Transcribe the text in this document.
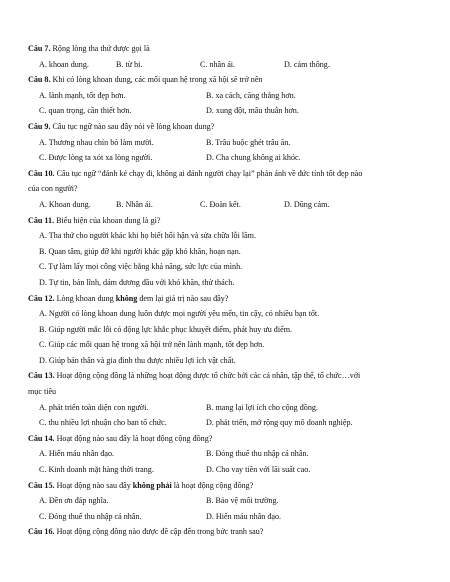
Câu 7. Rộng lòng tha thứ được gọi là
A. khoan dung.	B. từ bi.	C. nhân ái.	D. cảm thông.
Câu 8. Khi có lòng khoan dung, các mối quan hệ trong xã hội sẽ trở nên
A. lành mạnh, tốt đẹp hơn.	B. xa cách, căng thẳng hơn.
C. quan trọng, cần thiết hơn.	D. xung đột, mâu thuẫn hơn.
Câu 9. Câu tục ngữ nào sau đây nói về lòng khoan dung?
A. Thương nhau chín bỏ làm mười.	B. Trâu buộc ghét trâu ăn.
C. Được lòng ta xót xa lòng người.	D. Cha chung không ai khóc.
Câu 10. Câu tục ngữ “đánh kẻ chạy đi, không ai đánh người chạy lại” phản ánh về đức tính tốt đẹp nào
của con người?
A. Khoan dung.	B. Nhân ái.	C. Đoàn kết.	D. Dũng cảm.
Câu 11. Biểu hiện của khoan dung là gì?
A. Tha thứ cho người khác khi họ biết hối hận và sửa chữa lỗi lầm.
B. Quan tâm, giúp đỡ khi người khác gặp khó khăn, hoạn nạn.
C. Tự làm lấy mọi công việc bằng khả năng, sức lực của mình.
D. Tự tin, bản lĩnh, dám đương đầu với khó khăn, thử thách.
Câu 12. Lòng khoan dung không đem lại giá trị nào sau đây?
A. Người có lòng khoan dung luôn được mọi người yêu mến, tin cậy, có nhiều bạn tốt.
B. Giúp người mắc lỗi có động lực khắc phục khuyết điểm, phát huy ưu điểm.
C. Giúp các mối quan hệ trong xã hội trở nên lành mạnh, tốt đẹp hơn.
D. Giúp bản thân và gia đình thu được nhiều lợi ích vật chất.
Câu 13. Hoạt động cộng đồng là những hoạt động được tổ chức bởi các cá nhân, tập thể, tổ chức…với
mục tiêu
A. phát triển toàn diện con người.	B. mang lại lợi ích cho cộng đồng.
C. thu nhiều lợi nhuận cho ban tổ chức.	D. phát triển, mở rộng quy mô doanh nghiệp.
Câu 14. Hoạt động nào sau đây là hoạt động cộng đồng?
A. Hiến máu nhân đạo.	B. Đóng thuế thu nhập cá nhân.
C. Kinh doanh mặt hàng thời trang.	D. Cho vay tiền với lãi suất cao.
Câu 15. Hoạt động nào sau đây không phải là hoạt động cộng đồng?
A. Đền ơn đáp nghĩa.	B. Bảo vệ môi trường.
C. Đóng thuế thu nhập cá nhân.	D. Hiến máu nhân đạo.
Câu 16. Hoạt động cộng đồng nào được đề cập đến trong bức tranh sau?
